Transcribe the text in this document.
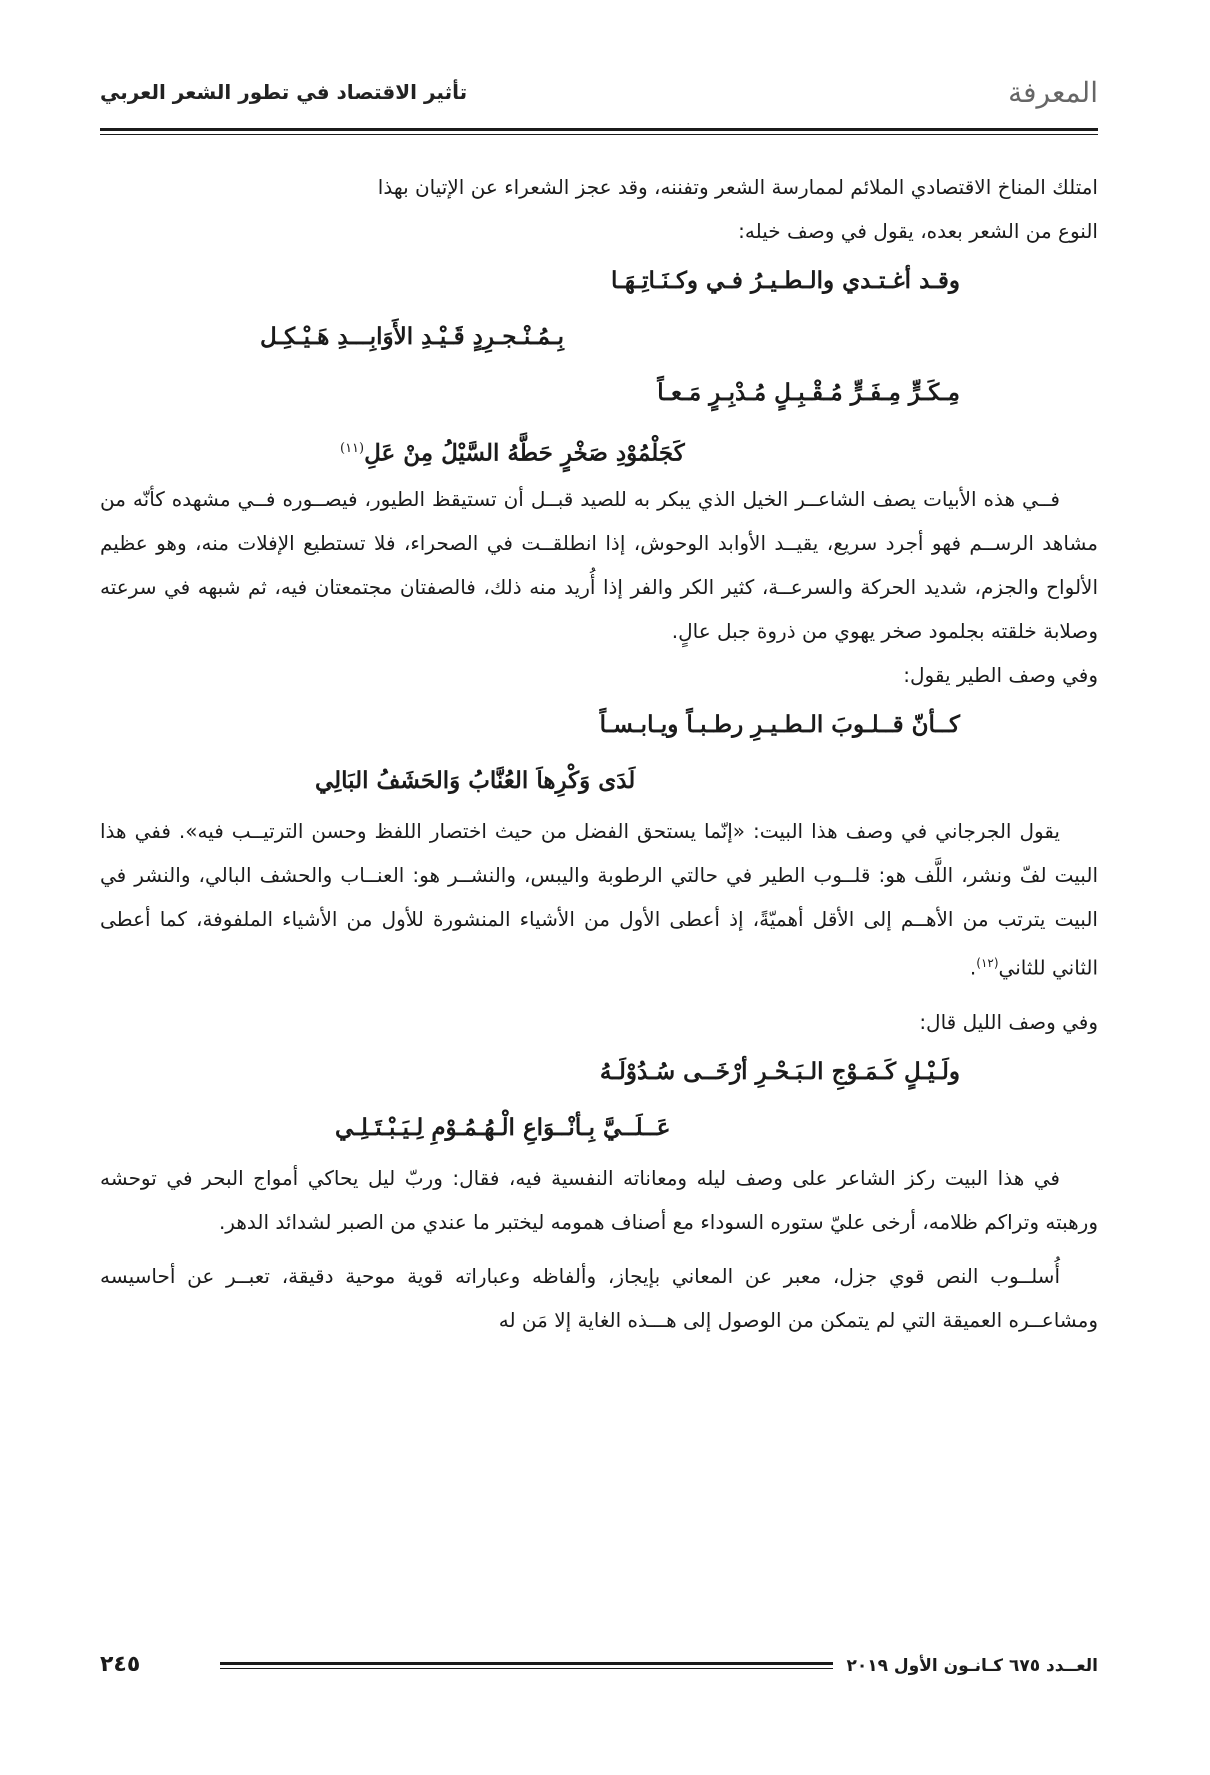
المعرفة
تأثير الاقتصاد في تطور الشعر العربي

امتلك المناخ الاقتصادي الملائم لممارسة الشعر وتفننه، وقد عجز الشعراء عن الإتيان بهذا
النوع من الشعر بعده، يقول في وصف خيله:

وقـد أغـتـدي والـطـيـرُ فـي وكـنَـاتِـهَـا
بِـمُـنْـجـرِدٍ قَـيْـدِ الأَوَابِـــدِ هَـيْـكِـل
مِـكَـرٍّ مِـفَـرٍّ مُـقْـبِـلٍ مُـدْبِـرٍ مَـعـاً
كَجَلْمُوْدِ صَخْرٍ حَطَّهُ السَّيْلُ مِنْ عَلِ$^{(١١)}$

فــي هذه الأبيات يصف الشاعــر الخيل الذي يبكر به للصيد قبــل أن تستيقظ الطيور، فيصــوره فــي مشهده كأنّه من مشاهد الرســم فهو أجرد سريع، يقيــد الأوابد الوحوش، إذا انطلقــت في الصحراء، فلا تستطيع الإفلات منه، وهو عظيم الألواح والجزم، شديد الحركة والسرعــة، كثير الكر والفر إذا أُريد منه ذلك، فالصفتان مجتمعتان فيه، ثم شبهه في سرعته وصلابة خلقته بجلمود صخر يهوي من ذروة جبل عالٍ.

وفي وصف الطير يقول:

كــأنّ قــلـوبَ الـطـيـرِ رطـبـاً ويـابـسـاً
لَدَى وَكْرِهاَ العُنَّابُ وَالحَشَفُ البَالِي

يقول الجرجاني في وصف هذا البيت: «إنّما يستحق الفضل من حيث اختصار اللفظ وحسن الترتيــب فيه». ففي هذا البيت لفّ ونشر، اللَّف هو: قلــوب الطير في حالتي الرطوبة واليبس، والنشــر هو: العنــاب والحشف البالي، والنشر في البيت يترتب من الأهــم إلى الأقل أهميّةً، إذ أعطى الأول من الأشياء المنشورة للأول من الأشياء الملفوفة، كما أعطى الثاني للثاني$^{(١٢)}$.

وفي وصف الليل قال:

ولَـيْـلٍ كَـمَـوْجِ الـبَـحْـرِ أرْخَــى سُـدُوْلَـهُ
عَــلَــيَّ بِـأنْــوَاعِ الْـهُـمُـوْمِ لِـيَـبْـتَـلِـي

في هذا البيت ركز الشاعر على وصف ليله ومعاناته النفسية فيه، فقال: وربّ ليل يحاكي أمواج البحر في توحشه ورهبته وتراكم ظلامه، أرخى عليّ ستوره السوداء مع أصناف همومه ليختبر ما عندي من الصبر لشدائد الدهر.

أُسلــوب النص قوي جزل، معبر عن المعاني بإيجاز، وألفاظه وعباراته قوية موحية دقيقة، تعبــر عن أحاسيسه ومشاعــره العميقة التي لم يتمكن من الوصول إلى هـــذه الغاية إلا مَن له

٢٤٥	العــدد ٦٧٥ كـانـون الأول ٢٠١٩
